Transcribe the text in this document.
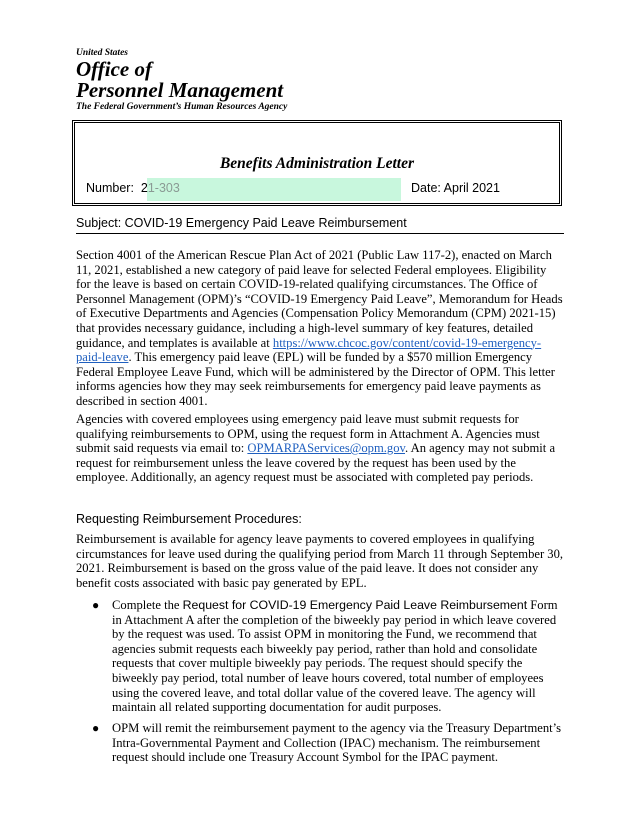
United States
Office of
Personnel Management
The Federal Government’s Human Resources Agency
Benefits Administration Letter
Number:  21-303	Date: April 2021
Subject: COVID-19 Emergency Paid Leave Reimbursement

Section 4001 of the American Rescue Plan Act of 2021 (Public Law 117-2), enacted on March 11, 2021, established a new category of paid leave for selected Federal employees. Eligibility for the leave is based on certain COVID-19-related qualifying circumstances. The Office of Personnel Management (OPM)’s “COVID-19 Emergency Paid Leave”, Memorandum for Heads of Executive Departments and Agencies (Compensation Policy Memorandum (CPM) 2021-15) that provides necessary guidance, including a high-level summary of key features, detailed guidance, and templates is available at https://www.chcoc.gov/content/covid-19-emergency-paid-leave. This emergency paid leave (EPL) will be funded by a $570 million Emergency Federal Employee Leave Fund, which will be administered by the Director of OPM. This letter informs agencies how they may seek reimbursements for emergency paid leave payments as described in section 4001.

Agencies with covered employees using emergency paid leave must submit requests for qualifying reimbursements to OPM, using the request form in Attachment A. Agencies must submit said requests via email to: OPMARPAServices@opm.gov. An agency may not submit a request for reimbursement unless the leave covered by the request has been used by the employee. Additionally, an agency request must be associated with completed pay periods.

Requesting Reimbursement Procedures:

Reimbursement is available for agency leave payments to covered employees in qualifying circumstances for leave used during the qualifying period from March 11 through September 30, 2021. Reimbursement is based on the gross value of the paid leave. It does not consider any benefit costs associated with basic pay generated by EPL.

● Complete the Request for COVID-19 Emergency Paid Leave Reimbursement Form in Attachment A after the completion of the biweekly pay period in which leave covered by the request was used. To assist OPM in monitoring the Fund, we recommend that agencies submit requests each biweekly pay period, rather than hold and consolidate requests that cover multiple biweekly pay periods. The request should specify the biweekly pay period, total number of leave hours covered, total number of employees using the covered leave, and total dollar value of the covered leave. The agency will maintain all related supporting documentation for audit purposes.

● OPM will remit the reimbursement payment to the agency via the Treasury Department’s Intra-Governmental Payment and Collection (IPAC) mechanism. The reimbursement request should include one Treasury Account Symbol for the IPAC payment.
